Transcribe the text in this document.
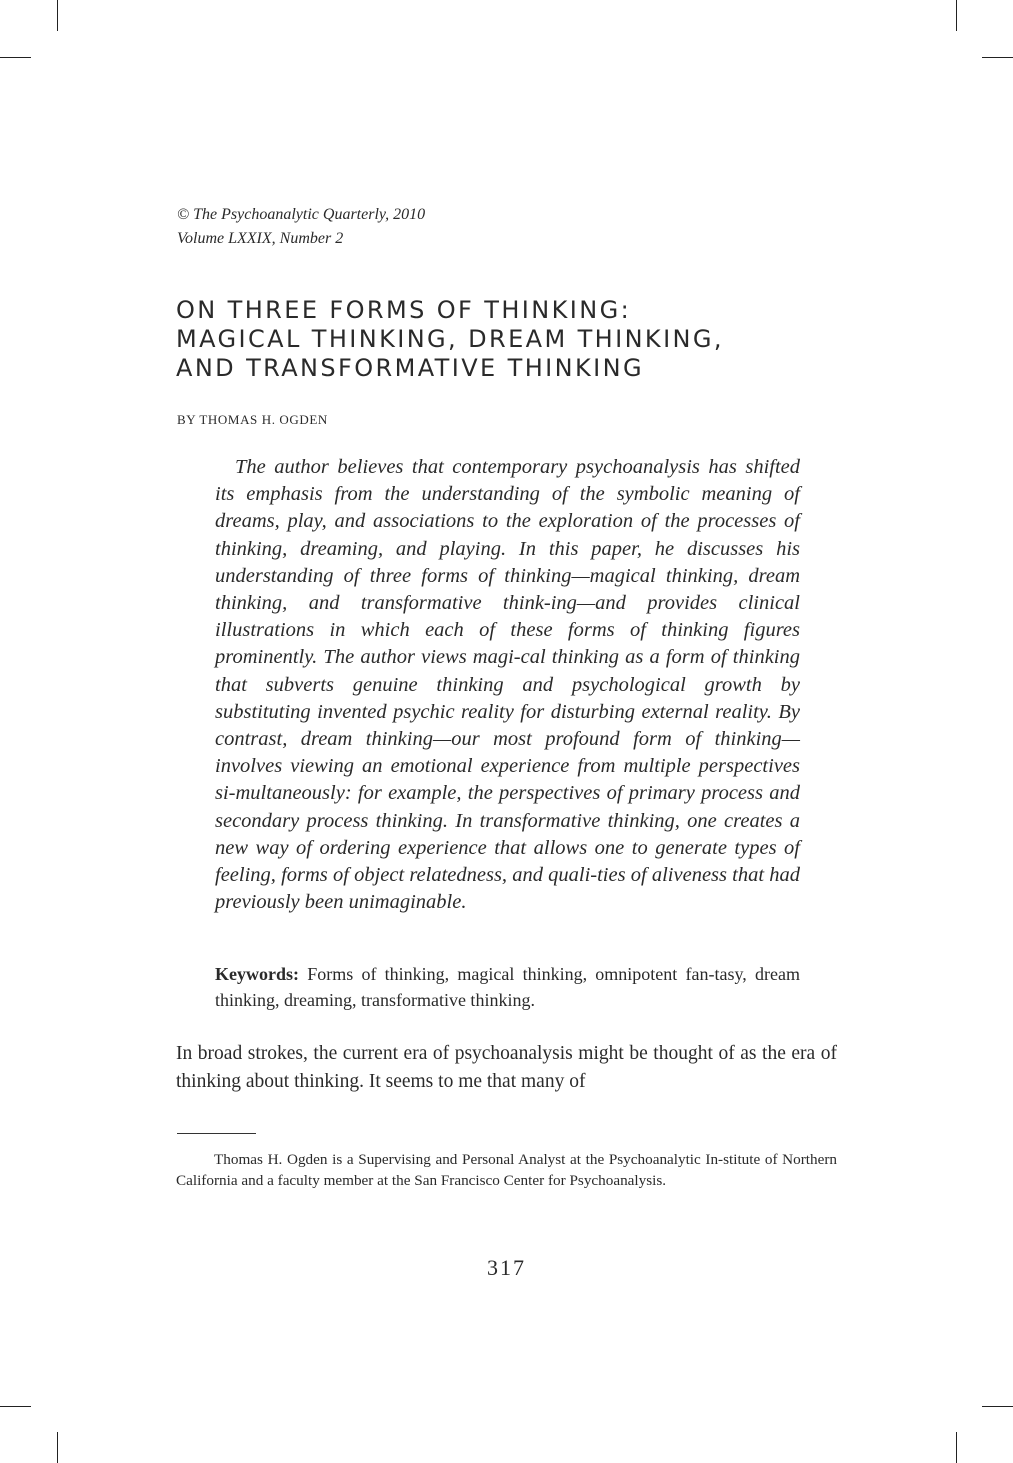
© The Psychoanalytic Quarterly, 2010
Volume LXXIX, Number 2
ON THREE FORMS OF THINKING:
MAGICAL THINKING, DREAM THINKING,
AND TRANSFORMATIVE THINKING
BY THOMAS H. OGDEN
The author believes that contemporary psychoanalysis has shifted its emphasis from the understanding of the symbolic meaning of dreams, play, and associations to the exploration of the processes of thinking, dreaming, and playing. In this paper, he discusses his understanding of three forms of thinking—magical thinking, dream thinking, and transformative think-ing—and provides clinical illustrations in which each of these forms of thinking figures prominently. The author views magi-cal thinking as a form of thinking that subverts genuine thinking and psychological growth by substituting invented psychic reality for disturbing external reality. By contrast, dream thinking—our most profound form of thinking—involves viewing an emotional experience from multiple perspectives si-multaneously: for example, the perspectives of primary process and secondary process thinking. In transformative thinking, one creates a new way of ordering experience that allows one to generate types of feeling, forms of object relatedness, and quali-ties of aliveness that had previously been unimaginable.
Keywords: Forms of thinking, magical thinking, omnipotent fan-tasy, dream thinking, dreaming, transformative thinking.
In broad strokes, the current era of psychoanalysis might be thought of as the era of thinking about thinking. It seems to me that many of
Thomas H. Ogden is a Supervising and Personal Analyst at the Psychoanalytic In-stitute of Northern California and a faculty member at the San Francisco Center for Psychoanalysis.
317
